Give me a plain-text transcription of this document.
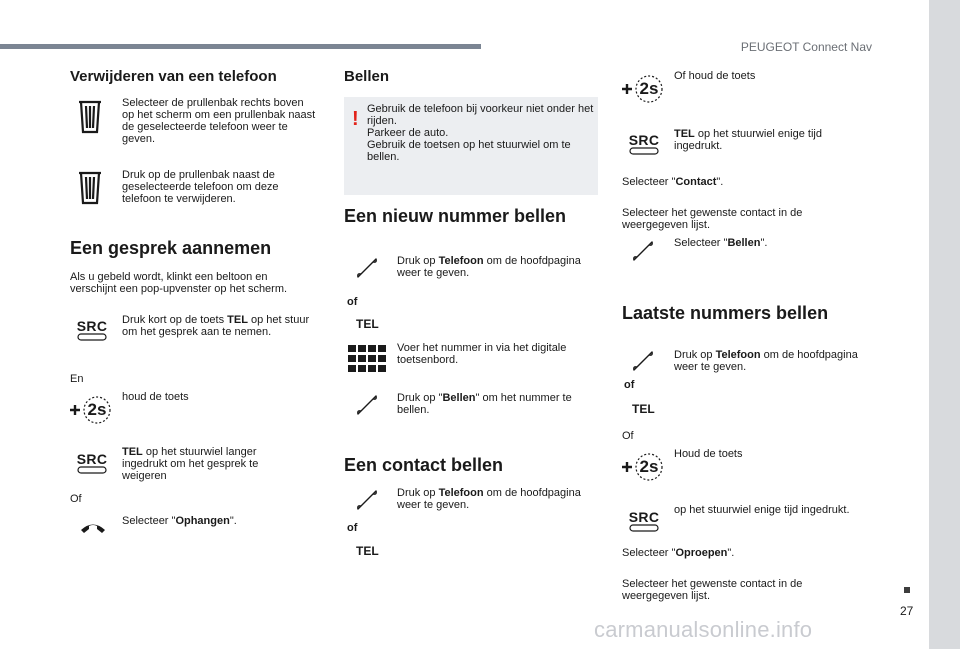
PEUGEOT Connect Nav
27
carmanualsonline.info
Verwijderen van een telefoon
Selecteer de prullenbak rechts boven op het scherm om een prullenbak naast de geselecteerde telefoon weer te geven.
Druk op de prullenbak naast de geselecteerde telefoon om deze telefoon te verwijderen.
Een gesprek aannemen
Als u gebeld wordt, klinkt een beltoon en verschijnt een pop-upvenster op het scherm.
SRC Druk kort op de toets TEL op het stuur om het gesprek aan te nemen.
En
2s
houd de toets
SRC TEL op het stuurwiel langer ingedrukt om het gesprek te weigeren
Of
Selecteer "Ophangen".
Bellen
! Gebruik de telefoon bij voorkeur niet onder het rijden.
Parkeer de auto.
Gebruik de toetsen op het stuurwiel om te bellen.
Een nieuw nummer bellen
Druk op Telefoon om de hoofdpagina weer te geven.
of
TEL
Voer het nummer in via het digitale toetsenbord.
Druk op "Bellen" om het nummer te bellen.
Een contact bellen
Druk op Telefoon om de hoofdpagina weer te geven.
of
TEL
2s
Of houd de toets
SRC TEL op het stuurwiel enige tijd ingedrukt.
Selecteer "Contact".
Selecteer het gewenste contact in de weergegeven lijst.
Selecteer "Bellen".
Laatste nummers bellen
Druk op Telefoon om de hoofdpagina weer te geven.
of
TEL
Of
2s
Houd de toets
SRC op het stuurwiel enige tijd ingedrukt.
Selecteer "Oproepen".
Selecteer het gewenste contact in de weergegeven lijst.
